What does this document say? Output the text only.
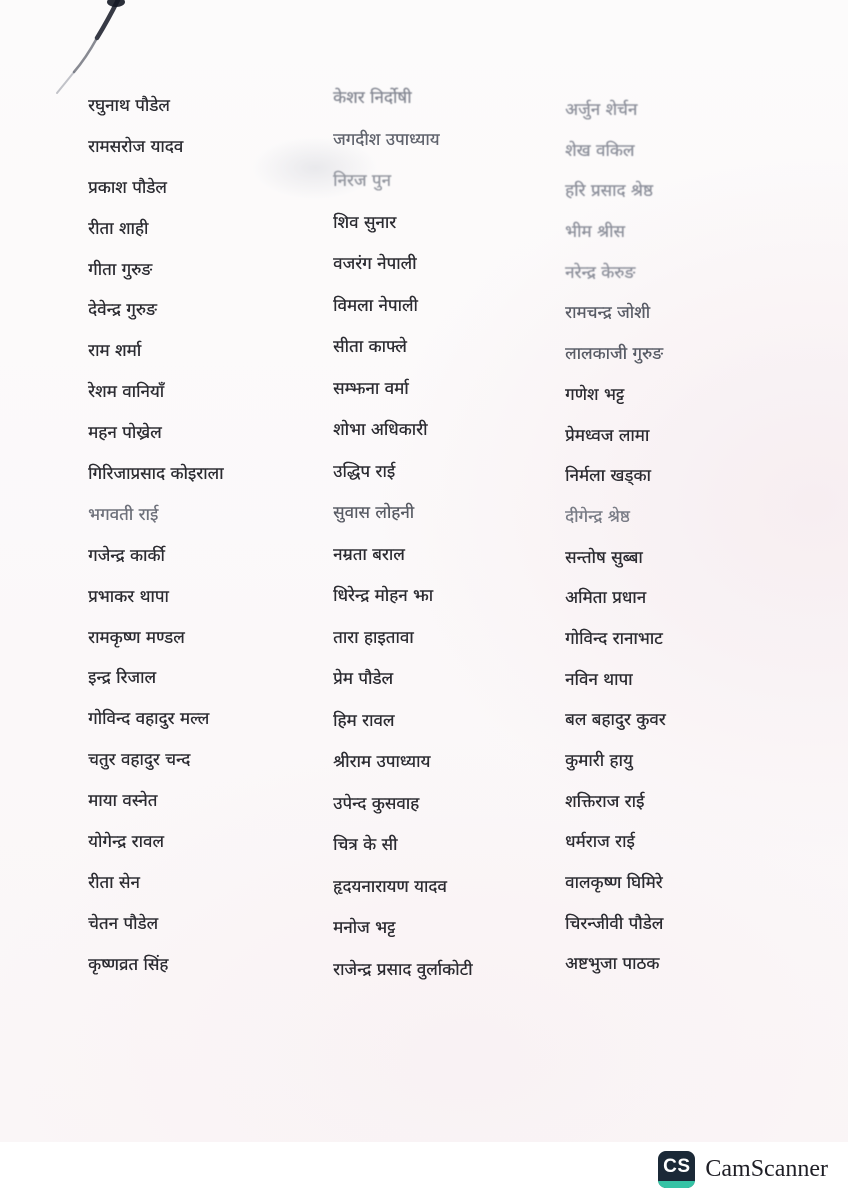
रघुनाथ पौडेल
रामसरोज यादव
प्रकाश पौडेल
रीता शाही
गीता गुरुङ
देवेन्द्र गुरुङ
राम शर्मा
रेशम वानियाँ
महन पोख्रेल
गिरिजाप्रसाद कोइराला
भगवती राई
गजेन्द्र कार्की
प्रभाकर थापा
रामकृष्ण मण्डल
इन्द्र रिजाल
गोविन्द वहादुर मल्ल
चतुर वहादुर चन्द
माया वस्नेत
योगेन्द्र रावल
रीता सेन
चेतन पौडेल
कृष्णव्रत सिंह
केशर निर्दोषी
जगदीश उपाध्याय
निरज पुन
शिव सुनार
वजरंग नेपाली
विमला नेपाली
सीता काफ्ले
सम्झना वर्मा
शोभा अधिकारी
उद्धिप राई
सुवास लोहनी
नम्रता बराल
धिरेन्द्र मोहन झा
तारा हाइतावा
प्रेम पौडेल
हिम रावल
श्रीराम उपाध्याय
उपेन्द कुसवाह
चित्र के सी
हृदयनारायण यादव
मनोज भट्ट
राजेन्द्र प्रसाद वुर्लाकोटी
अर्जुन शेर्चन
शेख वकिल
हरि प्रसाद श्रेष्ठ
भीम श्रीस
नरेन्द्र केरुङ
रामचन्द्र जोशी
लालकाजी गुरुङ
गणेश भट्ट
प्रेमध्वज लामा
निर्मला खड्का
दीगेन्द्र श्रेष्ठ
सन्तोष सुब्बा
अमिता प्रधान
गोविन्द रानाभाट
नविन थापा
बल बहादुर कुवर
कुमारी हायु
शक्तिराज राई
धर्मराज राई
वालकृष्ण घिमिरे
चिरन्जीवी पौडेल
अष्टभुजा पाठक
CS CamScanner
